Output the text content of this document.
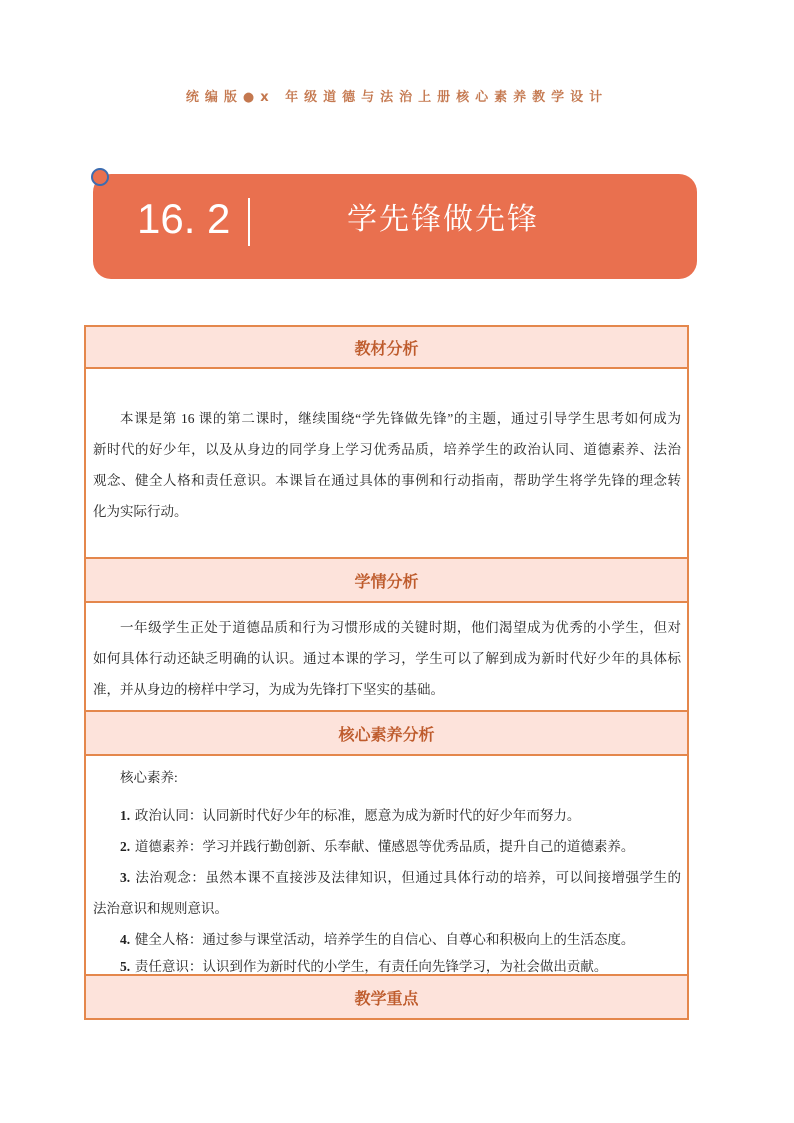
统编版●x 年级道德与法治上册核心素养教学设计
16. 2	学先锋做先锋
教材分析
本课是第 16 课的第二课时，继续围绕“学先锋做先锋”的主题，通过引导学生思考如何成为
新时代的好少年，以及从身边的同学身上学习优秀品质，培养学生的政治认同、道德素养、法治
观念、健全人格和责任意识。本课旨在通过具体的事例和行动指南，帮助学生将学先锋的理念转
化为实际行动。
学情分析
一年级学生正处于道德品质和行为习惯形成的关键时期，他们渴望成为优秀的小学生，但对
如何具体行动还缺乏明确的认识。通过本课的学习，学生可以了解到成为新时代好少年的具体标
准，并从身边的榜样中学习，为成为先锋打下坚实的基础。
核心素养分析
核心素养:
1. 政治认同：认同新时代好少年的标准，愿意为成为新时代的好少年而努力。
2. 道德素养：学习并践行勤创新、乐奉献、懂感恩等优秀品质，提升自己的道德素养。
3. 法治观念：虽然本课不直接涉及法律知识，但通过具体行动的培养，可以间接增强学生的
法治意识和规则意识。
4. 健全人格：通过参与课堂活动，培养学生的自信心、自尊心和积极向上的生活态度。
5. 责任意识：认识到作为新时代的小学生，有责任向先锋学习，为社会做出贡献。
教学重点
